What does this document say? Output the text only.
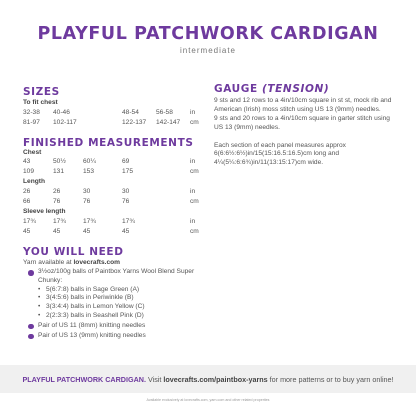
PLAYFUL PATCHWORK CARDIGAN
intermediate
SIZES
To fit chest
32-38 40-46	48-54	56-58	in
81-97 102-117	122-137 142-147 cm
FINISHED MEASUREMENTS
Chest
43	50½	60¼	69	in
109	131	153	175	cm
Length
26	26	30	30	in
66	76	76	76	cm
Sleeve length
17¾	17¾	17¾	17¾	in
45	45	45	45	cm
YOU WILL NEED
Yarn available at lovecrafts.com
3½oz/100g balls of Paintbox Yarns Wool Blend Super Chunky:
• 5(6:7:8) balls in Sage Green (A)
• 3(4:5:6) balls in Periwinkle (B)
• 3(3:4:4) balls in Lemon Yellow (C)
• 2(2:3:3) balls in Seashell Pink (D)
Pair of US 11 (8mm) knitting needles
Pair of US 13 (9mm) knitting needles
GAUGE (TENSION)

9 sts and 12 rows to a 4in/10cm square in st st, mock rib and American (Irish) moss stitch using US 13 (9mm) needles.

9 sts and 20 rows to a 4in/10cm square in garter stitch using US 13 (9mm) needles.

Each section of each panel measures approx 6(6:6½:6½)in/15(15:16.5:16.5)cm long and 4¼(5¼:6:6¾)in/11(13:15:17)cm wide.

PLAYFUL PATCHWORK CARDIGAN. Visit lovecrafts.com/paintbox-yarns for more patterns or to buy yarn online!
Available exclusively at lovecrafts.com, yarn.com and other related properties
